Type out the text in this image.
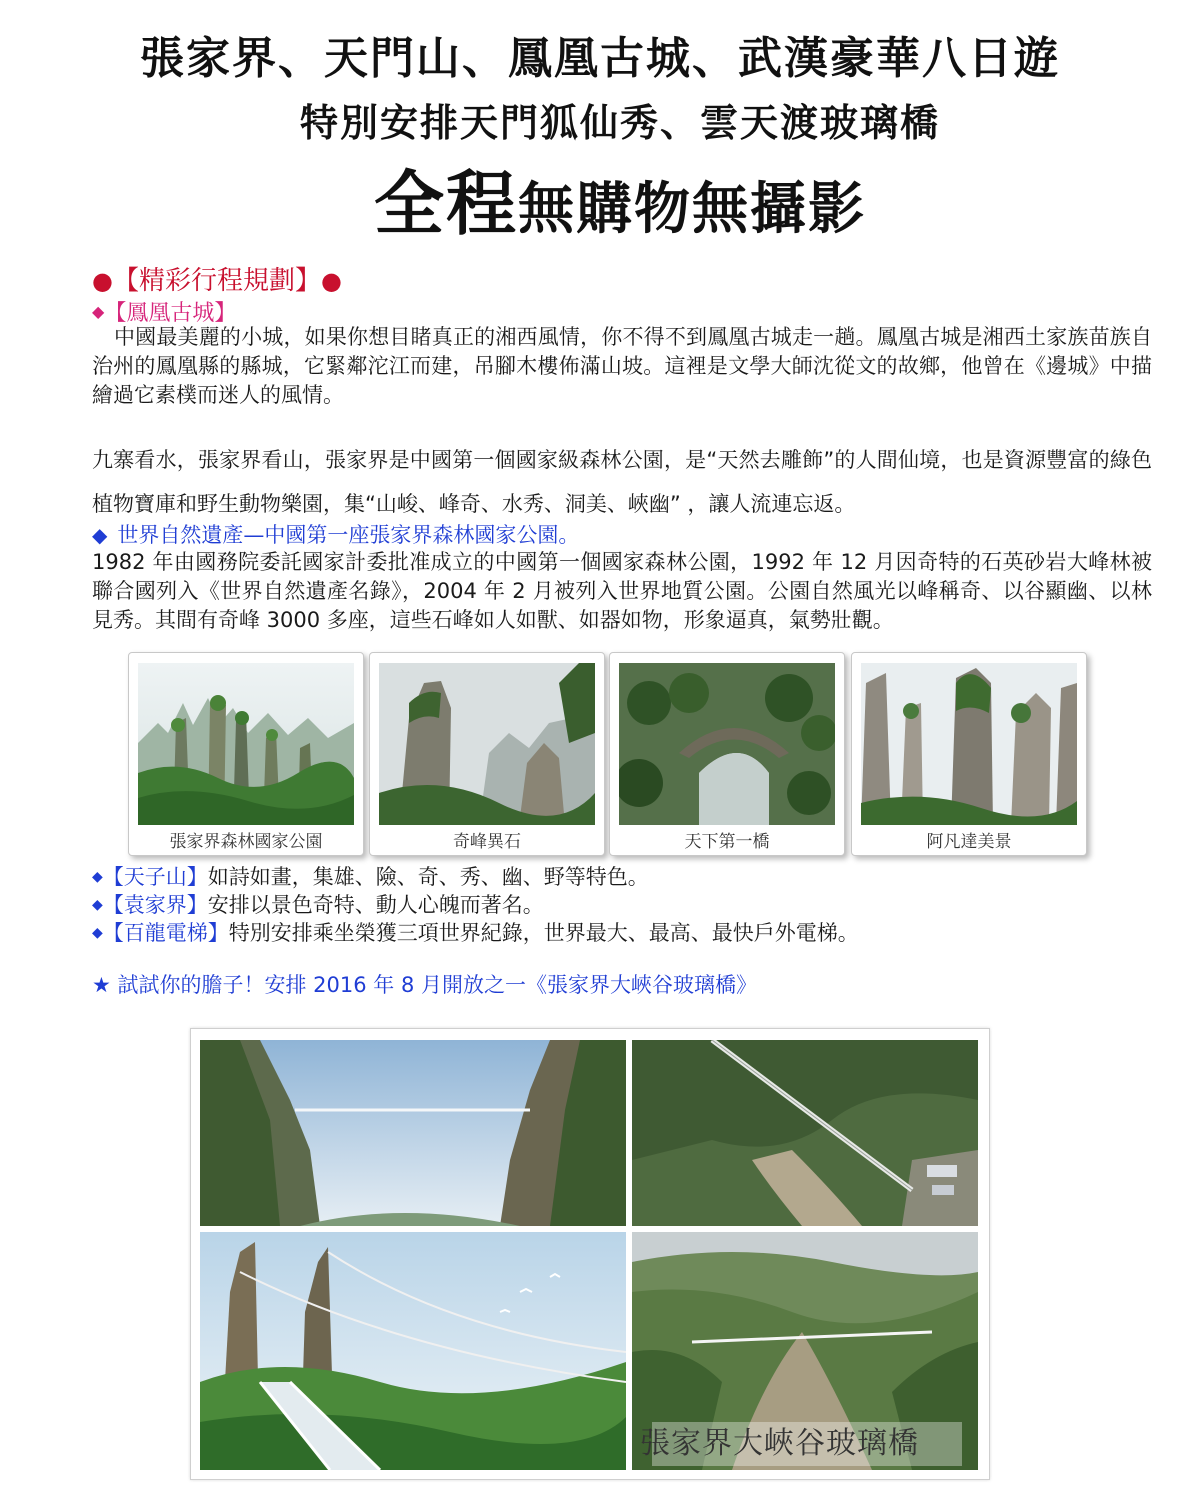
張家界、天門山、鳳凰古城、武漢豪華八日遊
特別安排天門狐仙秀、雲天渡玻璃橋
全程無購物無攝影
●【精彩行程規劃】●
◆【鳳凰古城】
中國最美麗的小城，如果你想目睹真正的湘西風情，你不得不到鳳凰古城走一趟。鳳凰古城是湘西土家族苗族自治州的鳳凰縣的縣城，它緊鄰沱江而建，吊腳木樓佈滿山坡。這裡是文學大師沈從文的故鄉，他曾在《邊城》中描繪過它素樸而迷人的風情。
九寨看水，張家界看山，張家界是中國第一個國家級森林公園，是“天然去雕飾”的人間仙境，也是資源豐富的綠色植物寶庫和野生動物樂園，集“山峻、峰奇、水秀、洞美、峽幽” ，讓人流連忘返。
◆ 世界自然遺產—中國第一座張家界森林國家公園。
1982 年由國務院委託國家計委批准成立的中國第一個國家森林公園，1992 年 12 月因奇特的石英砂岩大峰林被聯合國列入《世界自然遺產名錄》，2004 年 2 月被列入世界地質公園。公園自然風光以峰稱奇、以谷顯幽、以林見秀。其間有奇峰 3000 多座，這些石峰如人如獸、如器如物，形象逼真，氣勢壯觀。
張家界森林國家公園	奇峰異石	天下第一橋	阿凡達美景
◆【天子山】如詩如畫，集雄、險、奇、秀、幽、野等特色。
◆【袁家界】安排以景色奇特、動人心魄而著名。
◆【百龍電梯】特別安排乘坐榮獲三項世界紀錄，世界最大、最高、最快戶外電梯。
★ 試試你的膽子！安排 2016 年 8 月開放之一《張家界大峽谷玻璃橋》
張家界大峽谷玻璃橋
